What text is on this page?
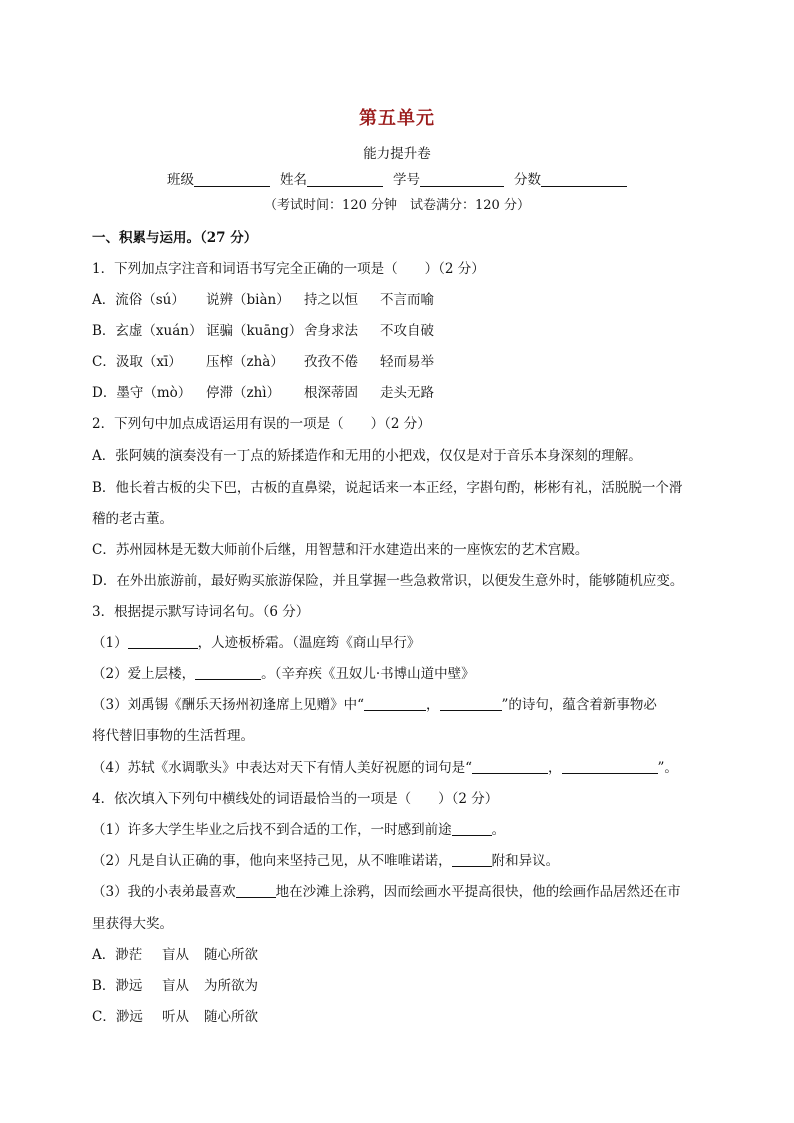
第五单元
能力提升卷
班级	姓名	学号	分数
（考试时间：120 分钟　试卷满分：120 分）
一、积累与运用。（27 分）
1．下列加点字注音和词语书写完全正确的一项是（　　）（2 分）
A．流俗（sú） 说辨（biàn） 持之以恒 不言而喻
B．玄虚（xuán） 诓骗（kuāng） 舍身求法 不攻自破
C．汲取（xī） 压榨（zhà） 孜孜不倦 轻而易举
D．墨守（mò） 停滞（zhì） 根深蒂固 走头无路
2．下列句中加点成语运用有误的一项是（　　）（2 分）
A．张阿姨的演奏没有一丁点的矫揉造作和无用的小把戏，仅仅是对于音乐本身深刻的理解。
B．他长着古板的尖下巴，古板的直鼻梁，说起话来一本正经，字斟句酌，彬彬有礼，活脱脱一个滑
稽的老古董。
C．苏州园林是无数大师前仆后继，用智慧和汗水建造出来的一座恢宏的艺术宫殿。
D．在外出旅游前，最好购买旅游保险，并且掌握一些急救常识，以便发生意外时，能够随机应变。
3．根据提示默写诗词名句。（6 分）
（1）	，人迹板桥霜。（温庭筠《商山早行》
（2）爱上层楼，	。（辛弃疾《丑奴儿·书博山道中壁》
（3）刘禹锡《酬乐天扬州初逢席上见赠》中“	，	”的诗句，蕴含着新事物必
将代替旧事物的生活哲理。
（4）苏轼《水调歌头》中表达对天下有情人美好祝愿的词句是“	，	”。
4．依次填入下列句中横线处的词语最恰当的一项是（　　）（2 分）
（1）许多大学生毕业之后找不到合适的工作，一时感到前途	。
（2）凡是自认正确的事，他向来坚持己见，从不唯唯诺诺，	附和异议。
（3）我的小表弟最喜欢	地在沙滩上涂鸦，因而绘画水平提高很快，他的绘画作品居然还在市
里获得大奖。
A．渺茫 盲从 随心所欲
B．渺远 盲从 为所欲为
C．渺远 听从 随心所欲
